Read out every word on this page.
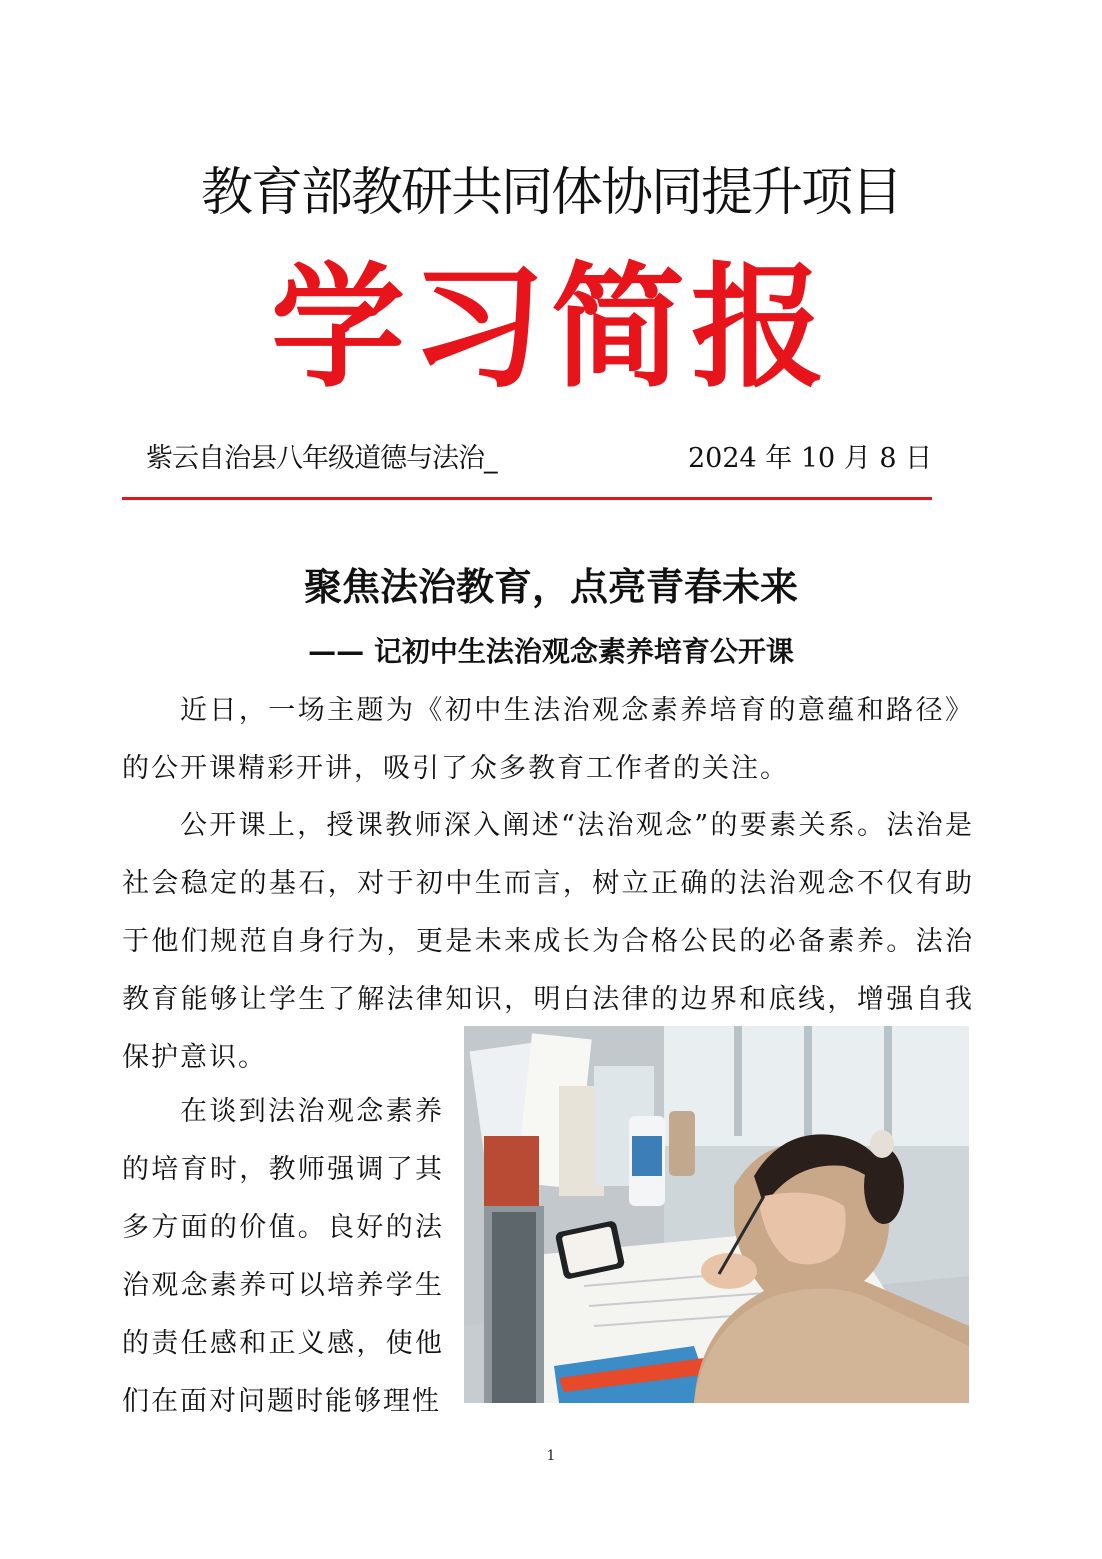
教育部教研共同体协同提升项目
学习简报
紫云自治县八年级道德与法治_	2024 年 10 月 8 日
聚焦法治教育，点亮青春未来
—— 记初中生法治观念素养培育公开课

近日，一场主题为《初中生法治观念素养培育的意蕴和路径》的公开课精彩开讲，吸引了众多教育工作者的关注。

公开课上，授课教师深入阐述“法治观念”的要素关系。法治是社会稳定的基石，对于初中生而言，树立正确的法治观念不仅有助于他们规范自身行为，更是未来成长为合格公民的必备素养。法治教育能够让学生了解法律知识，明白法律的边界和底线，增强自我保护意识。

在谈到法治观念素养的培育时，教师强调了其多方面的价值。良好的法治观念素养可以培养学生的责任感和正义感，使他们在面对问题时能够理性

1
